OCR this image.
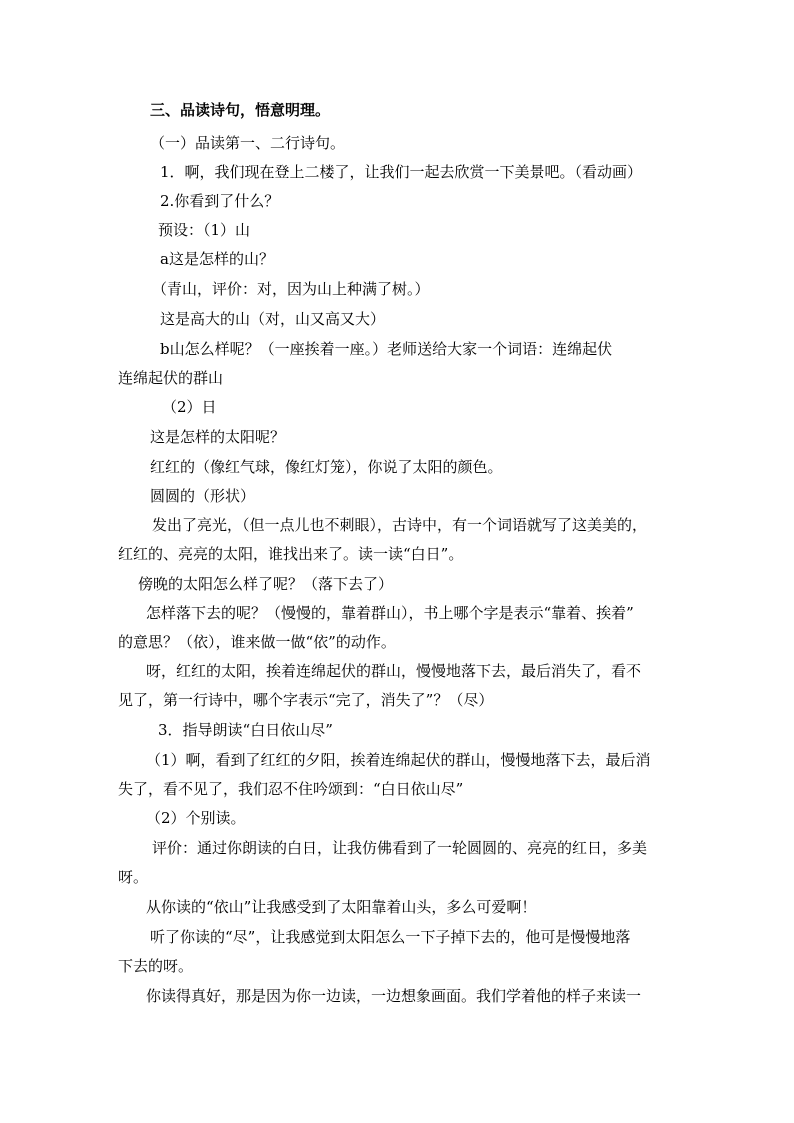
三、品读诗句，悟意明理。
（一）品读第一、二行诗句。
1．啊，我们现在登上二楼了，让我们一起去欣赏一下美景吧。（看动画）
2.你看到了什么？
预设：（1）山
a这是怎样的山？
（青山，评价：对，因为山上种满了树。）
这是高大的山（对，山又高又大）
b山怎么样呢？（一座挨着一座。）老师送给大家一个词语：连绵起伏
连绵起伏的群山
（2）日
这是怎样的太阳呢？
红红的（像红气球，像红灯笼），你说了太阳的颜色。
圆圆的（形状）
发出了亮光，（但一点儿也不刺眼），古诗中，有一个词语就写了这美美的，
红红的、亮亮的太阳，谁找出来了。读一读“白日”。
傍晚的太阳怎么样了呢？（落下去了）
怎样落下去的呢？（慢慢的，靠着群山），书上哪个字是表示“靠着、挨着”
的意思？（依），谁来做一做“依”的动作。
呀，红红的太阳，挨着连绵起伏的群山，慢慢地落下去，最后消失了，看不
见了，第一行诗中，哪个字表示“完了，消失了”？（尽）
3．指导朗读“白日依山尽”
（1）啊，看到了红红的夕阳，挨着连绵起伏的群山，慢慢地落下去，最后消
失了，看不见了，我们忍不住吟颂到：“白日依山尽”
（2）个别读。
评价：通过你朗读的白日，让我仿佛看到了一轮圆圆的、亮亮的红日，多美
呀。
从你读的“依山”让我感受到了太阳靠着山头，多么可爱啊！
听了你读的“尽”，让我感觉到太阳怎么一下子掉下去的，他可是慢慢地落
下去的呀。
你读得真好，那是因为你一边读，一边想象画面。我们学着他的样子来读一
